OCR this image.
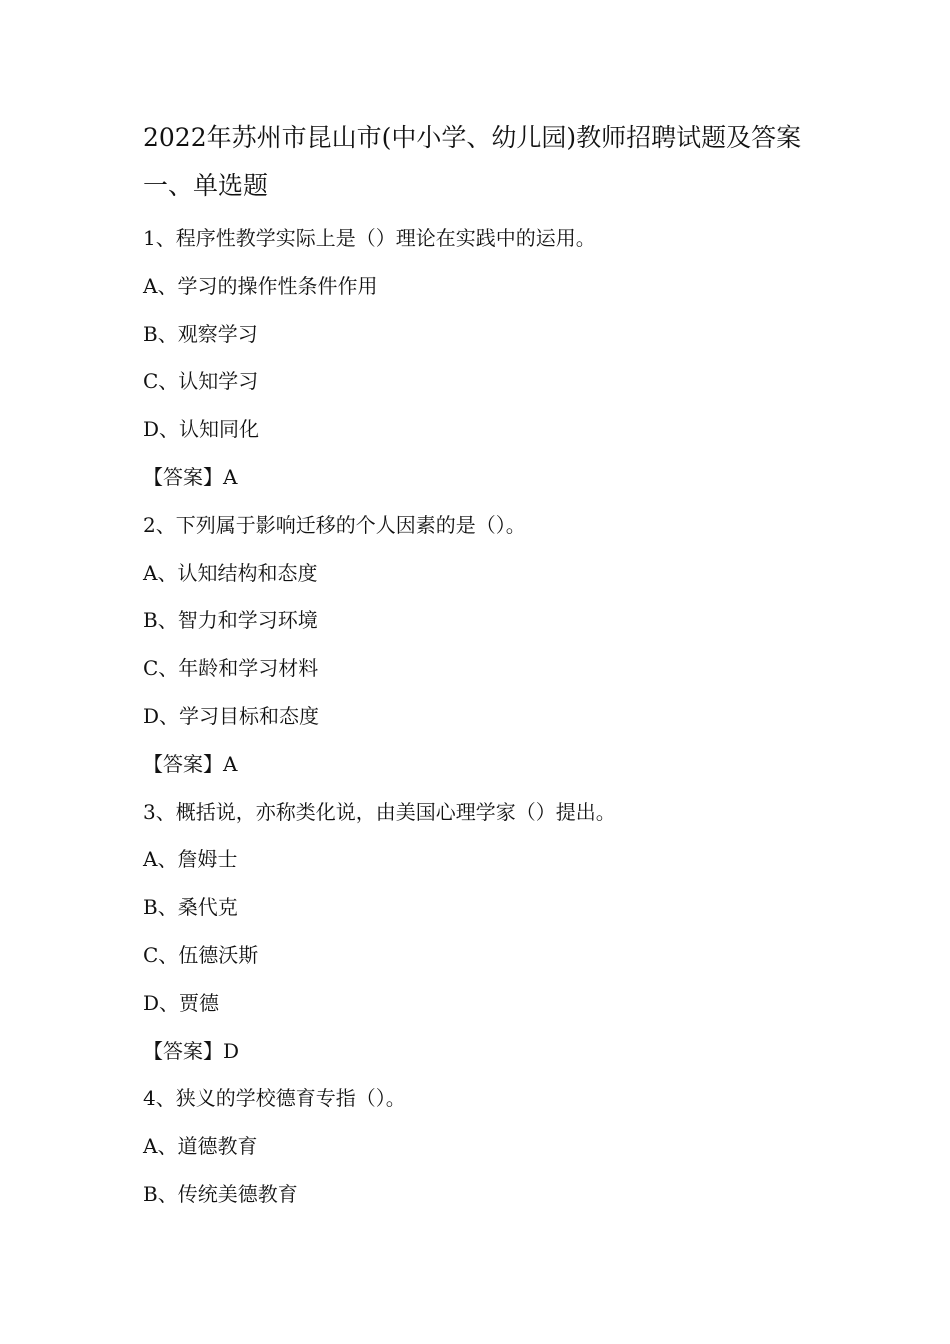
2022年苏州市昆山市(中小学、幼儿园)教师招聘试题及答案
一、单选题
1、程序性教学实际上是（）理论在实践中的运用。
A、学习的操作性条件作用
B、观察学习
C、认知学习
D、认知同化
【答案】A
2、下列属于影响迁移的个人因素的是（）。
A、认知结构和态度
B、智力和学习环境
C、年龄和学习材料
D、学习目标和态度
【答案】A
3、概括说，亦称类化说，由美国心理学家（）提出。
A、詹姆士
B、桑代克
C、伍德沃斯
D、贾德
【答案】D
4、狭义的学校德育专指（）。
A、道德教育
B、传统美德教育
